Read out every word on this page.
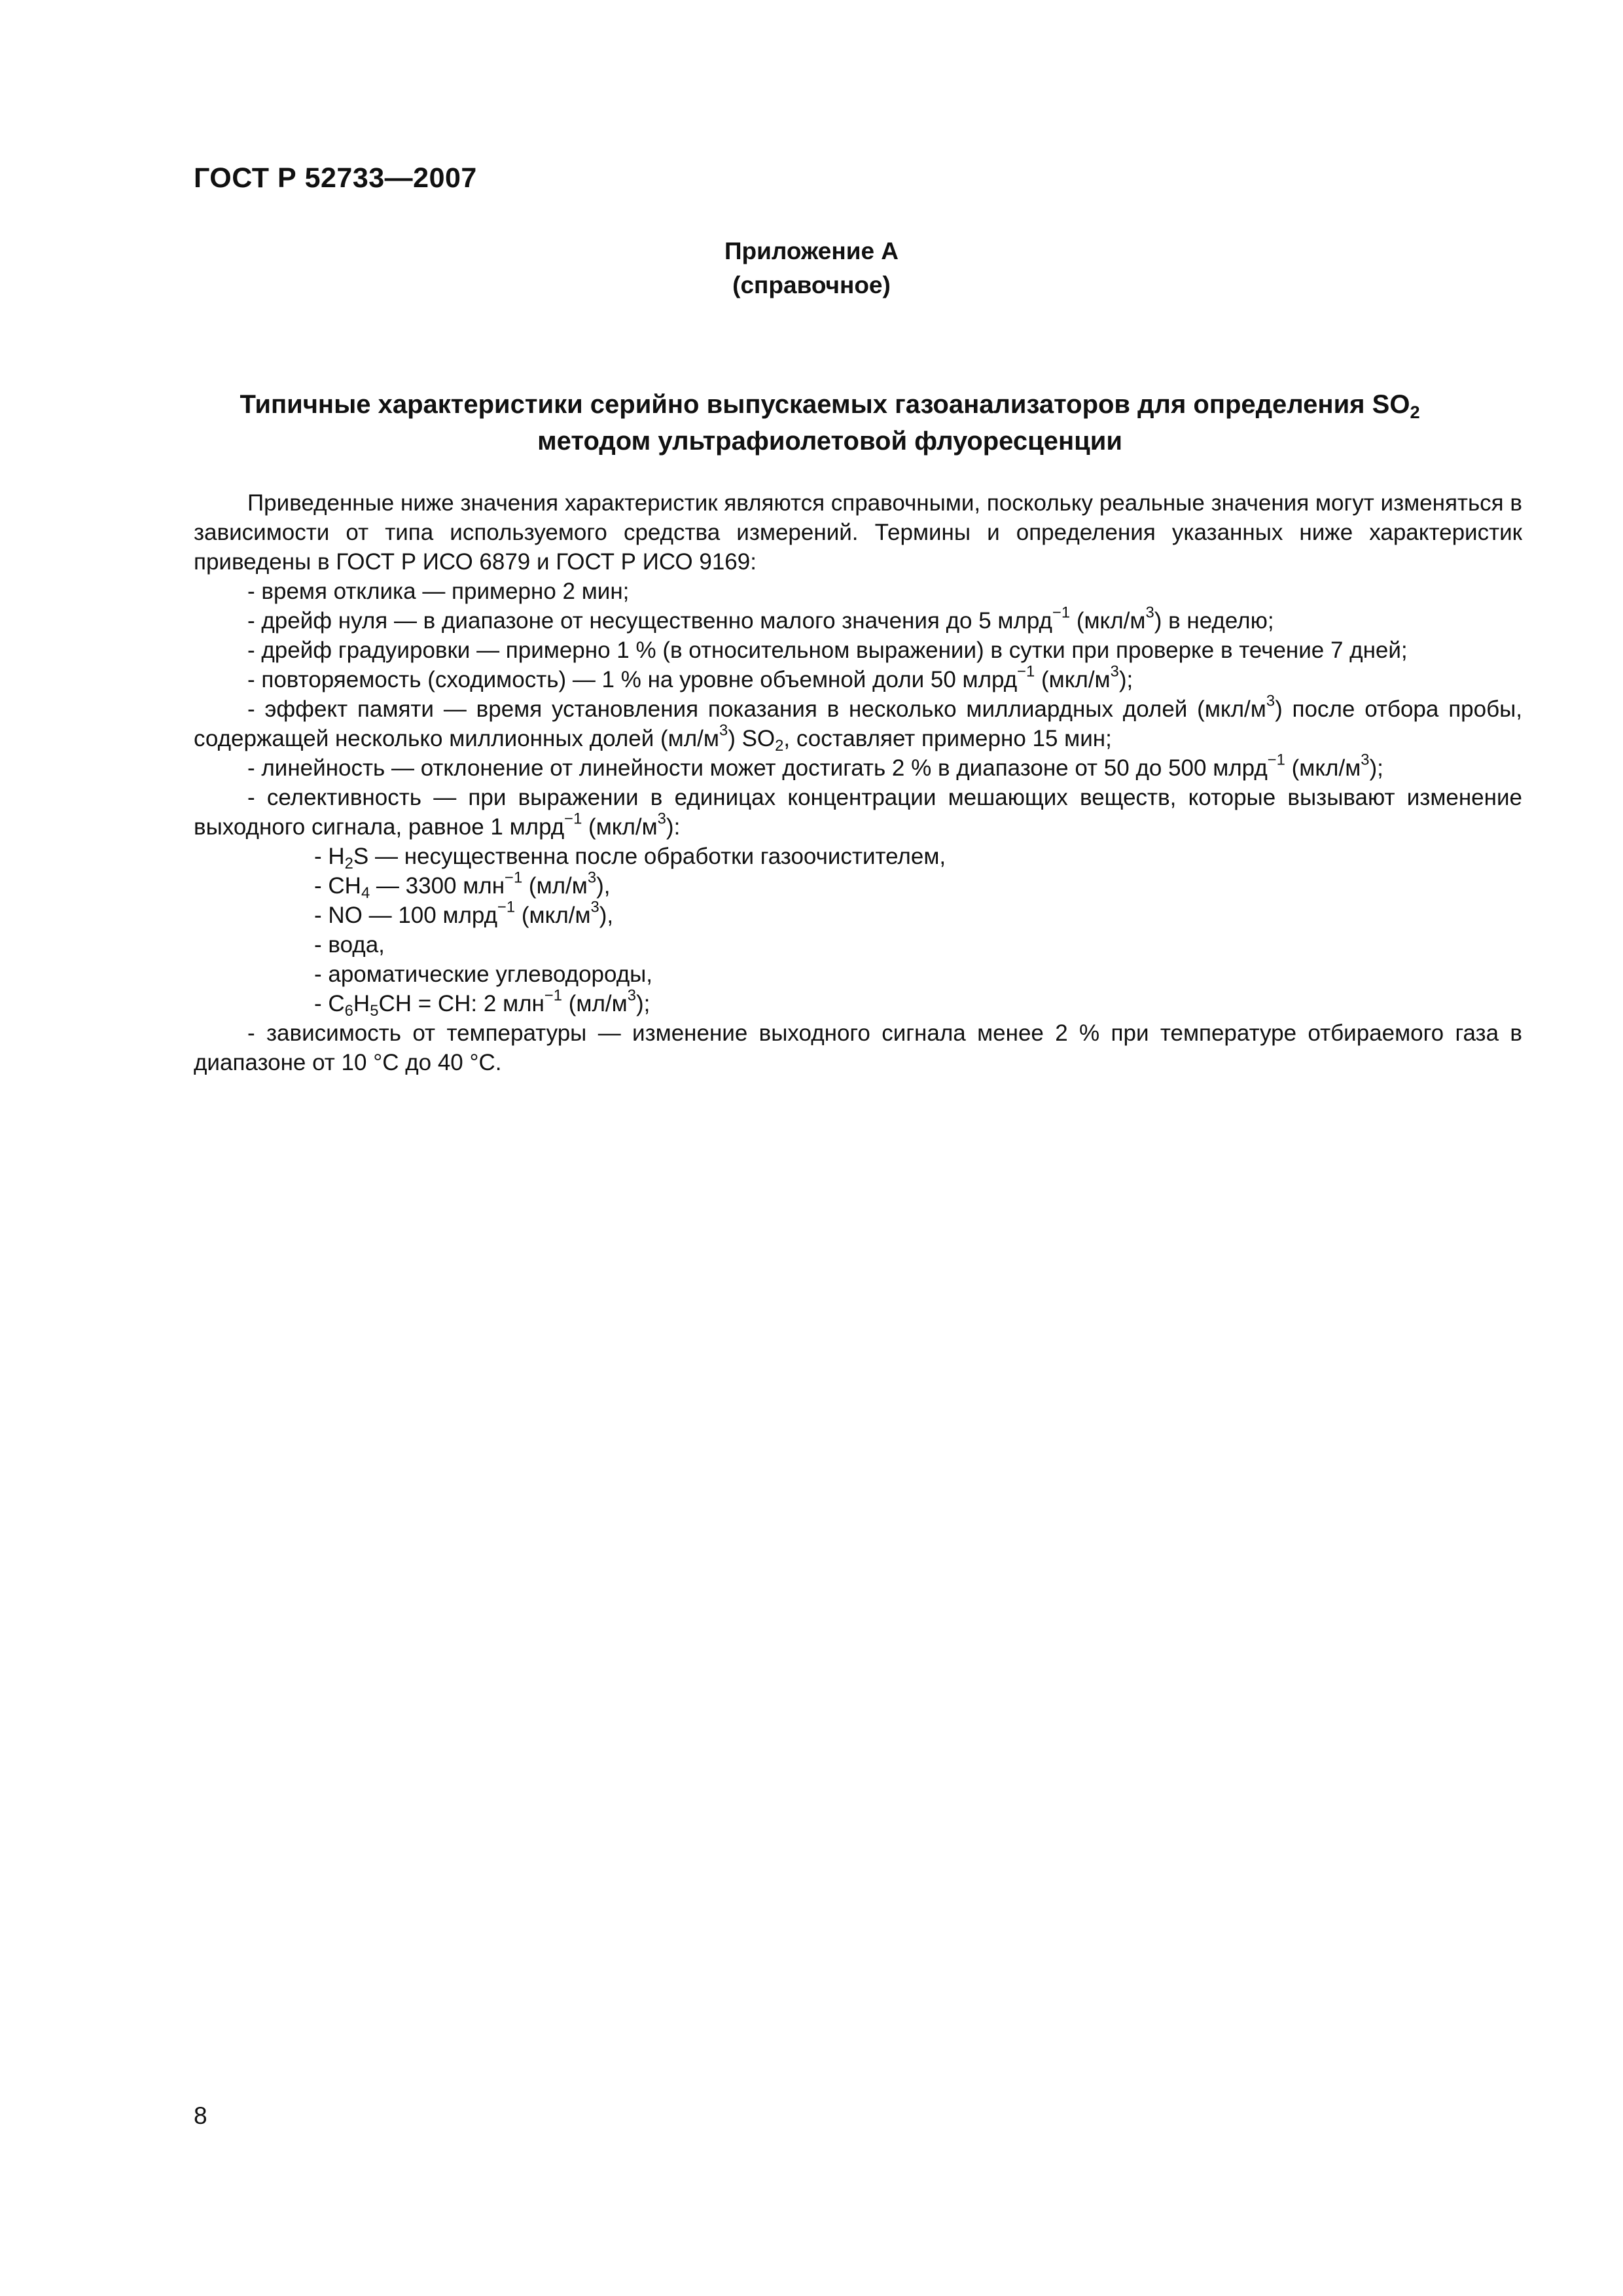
ГОСТ Р 52733—2007
Приложение А
(справочное)
Типичные характеристики серийно выпускаемых газоанализаторов для определения $SO_2$
методом ультрафиолетовой флуоресценции

Приведенные ниже значения характеристик являются справочными, поскольку реальные значения могут изменяться в зависимости от типа используемого средства измерений. Термины и определения указанных ниже характеристик приведены в ГОСТ Р ИСО 6879 и ГОСТ Р ИСО 9169:

- время отклика — примерно 2 мин;

- дрейф нуля — в диапазоне от несущественно малого значения до 5 млрд$^{-1}$ $(мкл/м^3)$ в неделю;

- дрейф градуировки — примерно 1 % (в относительном выражении) в сутки при проверке в течение 7 дней;

- повторяемость (сходимость) — 1 % на уровне объемной доли 50 млрд$^{-1}$ $(мкл/м^3)$;

- эффект памяти — время установления показания в несколько миллиардных долей $(мкл/м^3)$ после отбора пробы, содержащей несколько миллионных долей $(мл/м^3)$ $SO_2$, составляет примерно 15 мин;

- линейность — отклонение от линейности может достигать 2 % в диапазоне от 50 до 500 млрд$^{-1}$ $(мкл/м^3)$;

- селективность — при выражении в единицах концентрации мешающих веществ, которые вызывают изменение выходного сигнала, равное 1 млрд$^{-1}$ $(мкл/м^3)$:

- $H_2S$ — несущественна после обработки газоочистителем,

- $CH_4$ — 3300 млн$^{-1}$ $(мл/м^3)$,

- NO — 100 млрд$^{-1}$ $(мкл/м^3)$,

- вода,

- ароматические углеводороды,

- $C_6H_5CH$ = CH: 2 млн$^{-1}$ $(мл/м^3)$;

- зависимость от температуры — изменение выходного сигнала менее 2 % при температуре отбираемого газа в диапазоне от 10 °C до 40 °C.

8
